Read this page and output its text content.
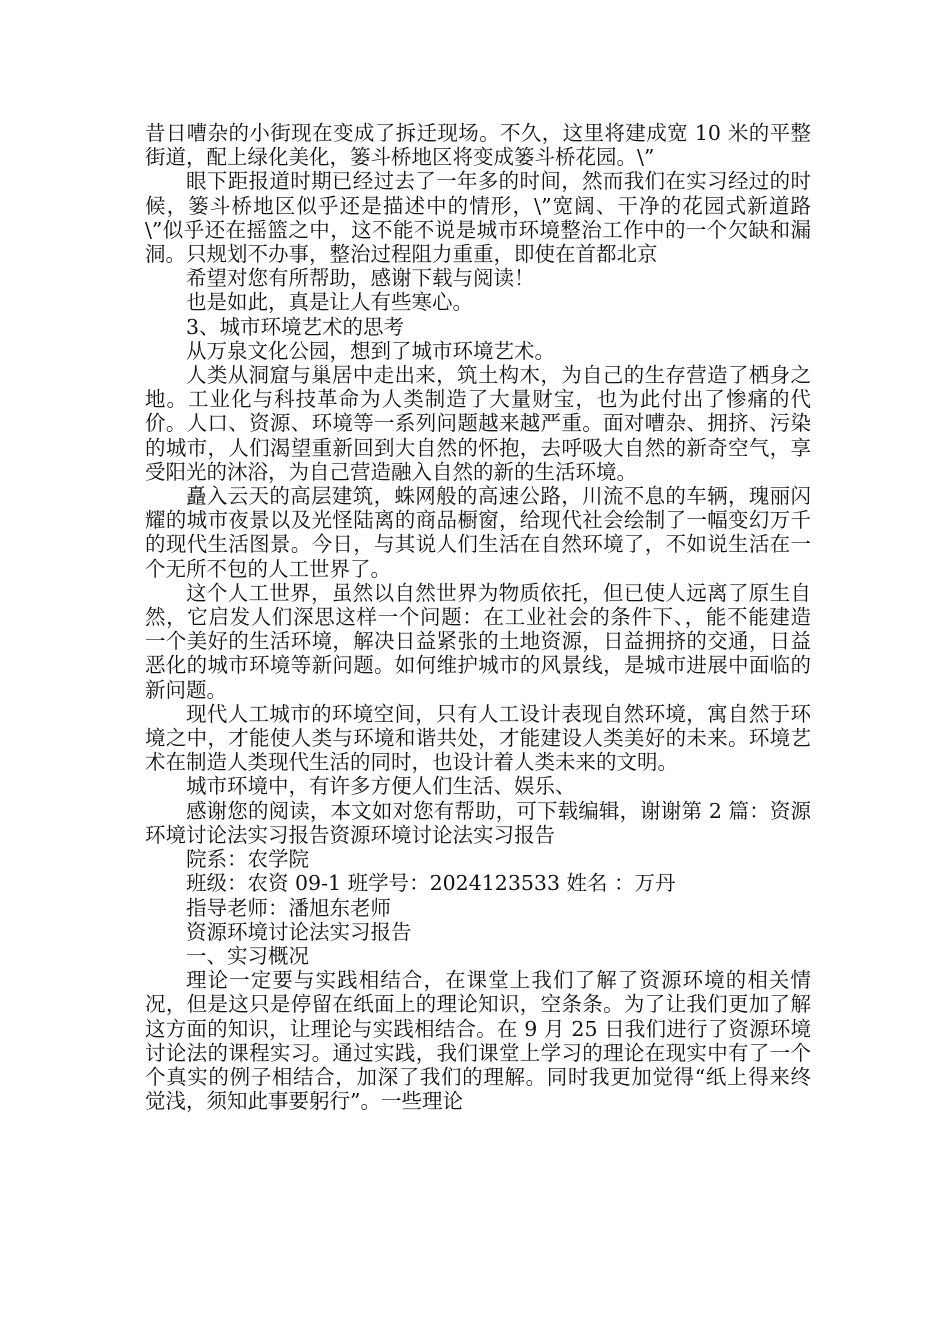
昔日嘈杂的小街现在变成了拆迁现场。不久，这里将建成宽 10 米的平整街道，配上绿化美化，篓斗桥地区将变成篓斗桥花园。\”

眼下距报道时期已经过去了一年多的时间，然而我们在实习经过的时候，篓斗桥地区似乎还是描述中的情形，\”宽阔、干净的花园式新道路\”似乎还在摇篮之中，这不能不说是城市环境整治工作中的一个欠缺和漏洞。只规划不办事，整治过程阻力重重，即使在首都北京

希望对您有所帮助，感谢下载与阅读！

也是如此，真是让人有些寒心。

3、城市环境艺术的思考

从万泉文化公园，想到了城市环境艺术。

人类从洞窟与巢居中走出来，筑土构木，为自己的生存营造了栖身之地。工业化与科技革命为人类制造了大量财宝，也为此付出了惨痛的代价。人口、资源、环境等一系列问题越来越严重。面对嘈杂、拥挤、污染的城市，人们渴望重新回到大自然的怀抱，去呼吸大自然的新奇空气，享受阳光的沐浴，为自己营造融入自然的新的生活环境。

矗入云天的高层建筑，蛛网般的高速公路，川流不息的车辆，瑰丽闪耀的城市夜景以及光怪陆离的商品橱窗，给现代社会绘制了一幅变幻万千的现代生活图景。今日，与其说人们生活在自然环境了，不如说生活在一个无所不包的人工世界了。

这个人工世界，虽然以自然世界为物质依托，但已使人远离了原生自然，它启发人们深思这样一个问题：在工业社会的条件下、，能不能建造一个美好的生活环境，解决日益紧张的土地资源，日益拥挤的交通，日益恶化的城市环境等新问题。如何维护城市的风景线，是城市进展中面临的新问题。

现代人工城市的环境空间，只有人工设计表现自然环境，寓自然于环境之中，才能使人类与环境和谐共处，才能建设人类美好的未来。环境艺术在制造人类现代生活的同时，也设计着人类未来的文明。

城市环境中，有许多方便人们生活、娱乐、

感谢您的阅读，本文如对您有帮助，可下载编辑，谢谢第 2 篇：资源环境讨论法实习报告资源环境讨论法实习报告

院系：农学院

班级：农资 09-1 班学号：2024123533 姓名 ：万丹

指导老师：潘旭东老师

资源环境讨论法实习报告

一、实习概况

理论一定要与实践相结合，在课堂上我们了解了资源环境的相关情况，但是这只是停留在纸面上的理论知识，空条条。为了让我们更加了解这方面的知识，让理论与实践相结合。在 9 月 25 日我们进行了资源环境讨论法的课程实习。通过实践，我们课堂上学习的理论在现实中有了一个个真实的例子相结合，加深了我们的理解。同时我更加觉得“纸上得来终觉浅，须知此事要躬行”。一些理论
